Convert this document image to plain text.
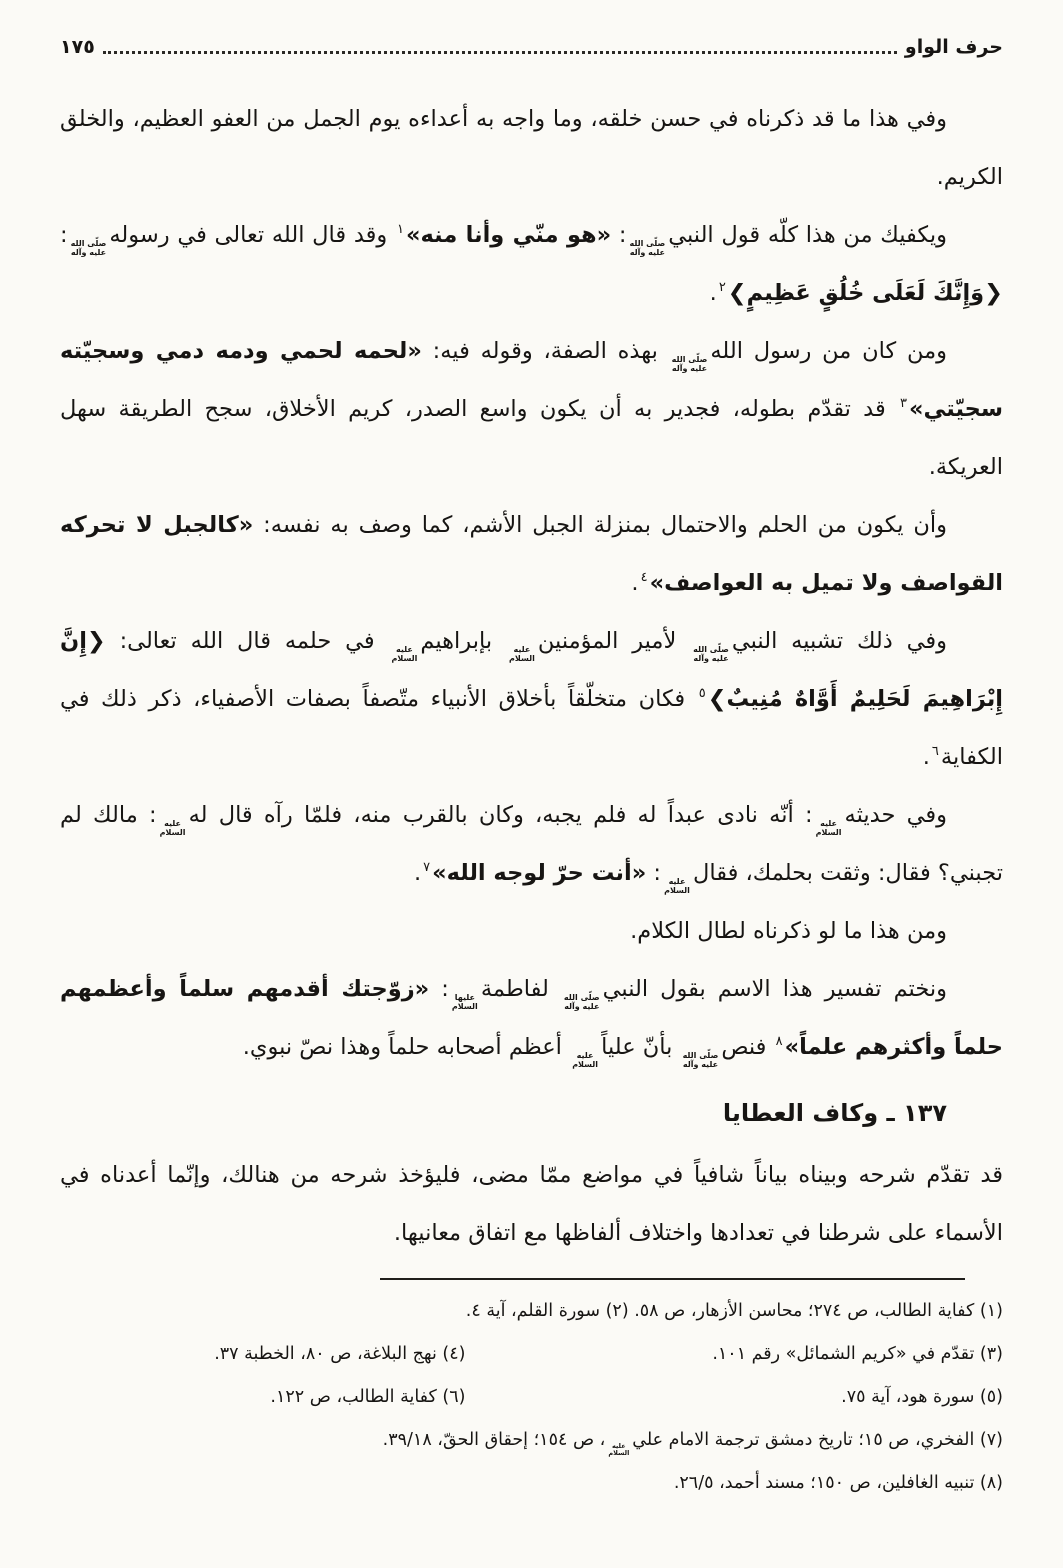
حرف الواو
١٧٥

وفي هذا ما قد ذكرناه في حسن خلقه، وما واجه به أعداءه يوم الجمل من العفو العظيم، والخلق الكريم.

ويكفيك من هذا كلّه قول النبي
صلّى الله
عليه وآله
: «هو منّي وأنا منه»$^١$ وقد قال الله تعالى في رسوله
صلّى الله
عليه وآله
: ❮وَإِنَّكَ لَعَلَى خُلُقٍ عَظِيمٍ❯$^٢$.

ومن كان من رسول الله
صلّى الله
عليه وآله
بهذه الصفة، وقوله فيه: «لحمه لحمي ودمه دمي وسجيّته سجيّتي»$^٣$ قد تقدّم بطوله، فجدير به أن يكون واسع الصدر، كريم الأخلاق، سجح الطريقة سهل العريكة.

وأن يكون من الحلم والاحتمال بمنزلة الجبل الأشم، كما وصف به نفسه: «كالجبل لا تحركه القواصف ولا تميل به العواصف»$^٤$.

وفي ذلك تشبيه النبي
صلّى الله
عليه وآله
لأمير المؤمنين
عليه
السلام
بإبراهيم
عليه
السلام
في حلمه قال الله تعالى: ❮إِنَّ إِبْرَاهِيمَ لَحَلِيمٌ أَوَّاهٌ مُنِيبٌ❯$^٥$ فكان متخلّقاً بأخلاق الأنبياء متّصفاً بصفات الأصفياء، ذكر ذلك في الكفاية$^٦$.

وفي حديثه
عليه
السلام
: أنّه نادى عبداً له فلم يجبه، وكان بالقرب منه، فلمّا رآه قال له
عليه
السلام
: مالك لم تجبني؟ فقال: وثقت بحلمك، فقال
عليه
السلام
: «أنت حرّ لوجه الله»$^٧$.

ومن هذا ما لو ذكرناه لطال الكلام.

ونختم تفسير هذا الاسم بقول النبي
صلّى الله
عليه وآله
لفاطمة
عليها
السلام
: «زوّجتك أقدمهم سلماً وأعظمهم حلماً وأكثرهم علماً»$^٨$ فنص
صلّى الله
عليه وآله
بأنّ علياً
عليه
السلام
أعظم أصحابه حلماً وهذا نصّ نبوي.

١٣٧ ـ وكاف العطايا

قد تقدّم شرحه وبيناه بياناً شافياً في مواضع ممّا مضى، فليؤخذ شرحه من هنالك، وإنّما أعدناه في الأسماء على شرطنا في تعدادها واختلاف ألفاظها مع اتفاق معانيها.

(١) كفاية الطالب، ص ٢٧٤؛ محاسن الأزهار، ص ٥٨. (٢) سورة القلم، آية ٤.
(٣) تقدّم في «كريم الشمائل» رقم ١٠١.
(٤) نهج البلاغة، ص ٨٠، الخطبة ٣٧.
(٥) سورة هود، آية ٧٥.
(٦) كفاية الطالب، ص ١٢٢.
(٧) الفخري، ص ١٥؛ تاريخ دمشق ترجمة الامام علي
عليه
السلام
، ص ١٥٤؛ إحقاق الحقّ، ٣٩/١٨.
(٨) تنبيه الغافلين، ص ١٥٠؛ مسند أحمد، ٢٦/٥.
